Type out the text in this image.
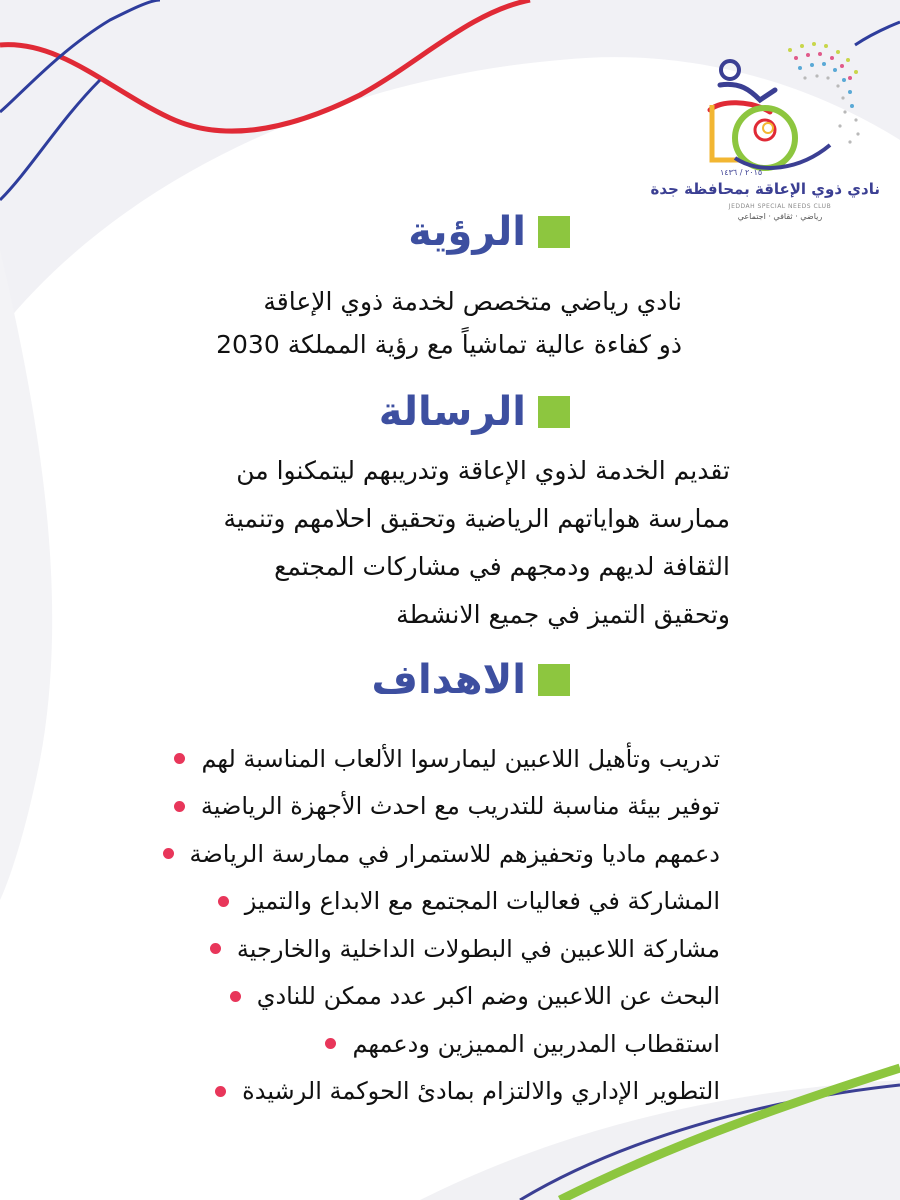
٢٠١٥ / ١٤٣٦
نادي ذوي الإعاقة بمحافظة جدة
JEDDAH SPECIAL NEEDS CLUB
رياضي · ثقافي · اجتماعي
الرؤية
نادي رياضي متخصص لخدمة ذوي الإعاقة
ذو كفاءة عالية تماشياً مع رؤية المملكة 2030
الرسالة
تقديم الخدمة لذوي الإعاقة وتدريبهم ليتمكنوا من
ممارسة هواياتهم الرياضية وتحقيق احلامهم وتنمية
الثقافة لديهم ودمجهم في مشاركات المجتمع
وتحقيق التميز في جميع الانشطة
الاهداف
تدريب وتأهيل اللاعبين ليمارسوا الألعاب المناسبة لهم
توفير بيئة مناسبة للتدريب مع احدث الأجهزة الرياضية
دعمهم ماديا وتحفيزهم للاستمرار في ممارسة الرياضة
المشاركة في فعاليات المجتمع مع الابداع والتميز
مشاركة اللاعبين في البطولات الداخلية والخارجية
البحث عن اللاعبين وضم اكبر عدد ممكن للنادي
استقطاب المدربين المميزين ودعمهم
التطوير الإداري والالتزام بمادئ الحوكمة الرشيدة
